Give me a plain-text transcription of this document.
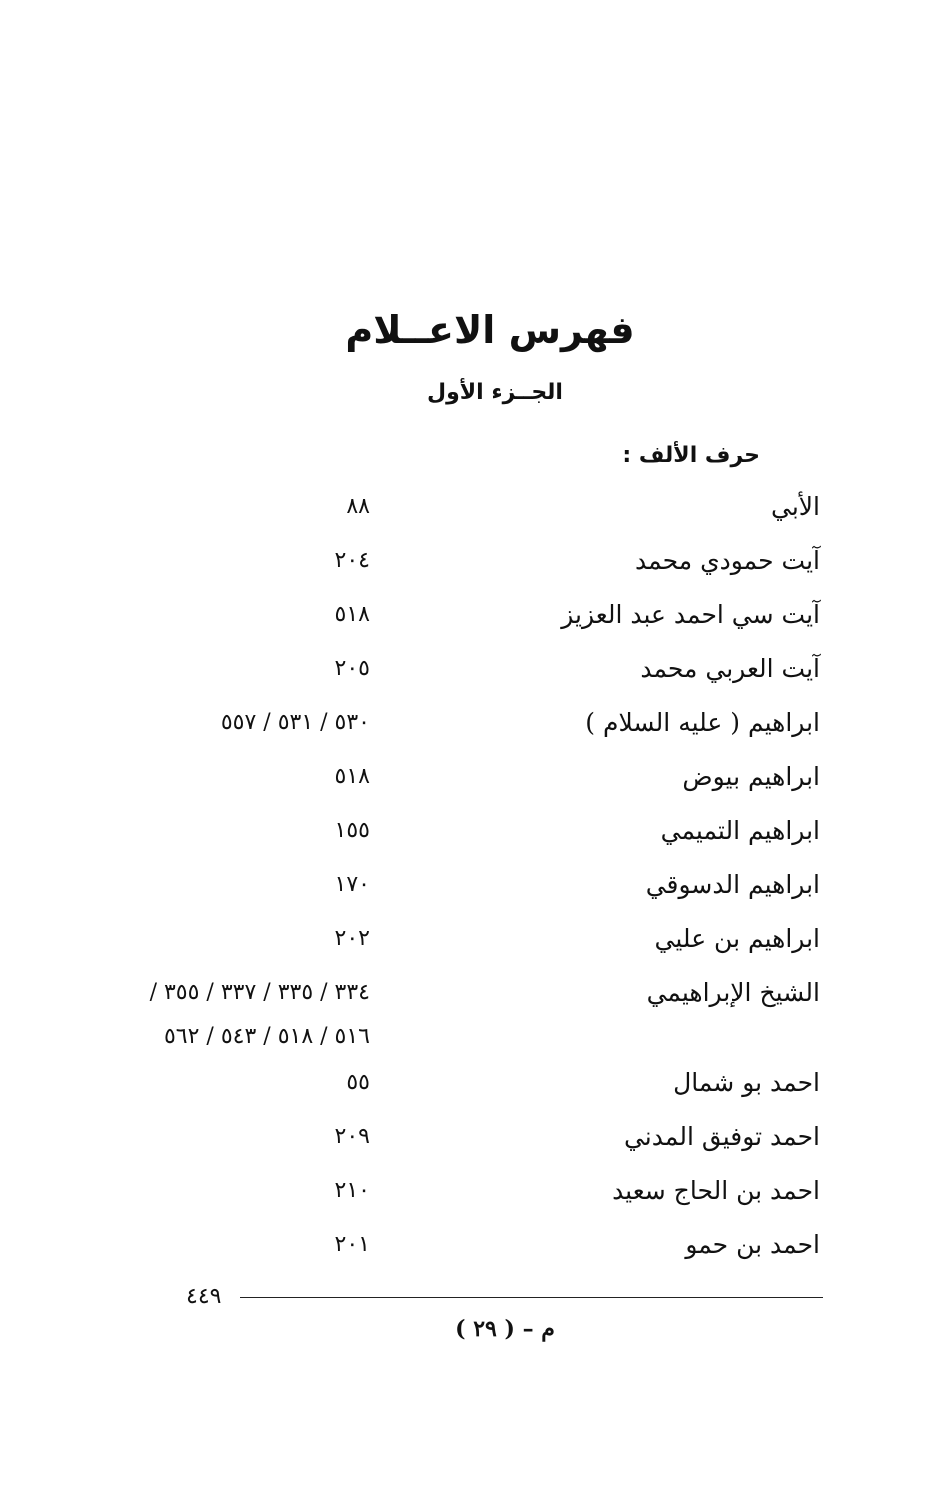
فهرس الاعــلام
الجــزء الأول
حرف الألف :
الأبي
٨٨
آيت حمودي محمد
٢٠٤
آيت سي احمد عبد العزيز
٥١٨
آيت العربي محمد
٢٠٥
ابراهيم ( عليه السلام )
٥٣٠ / ٥٣١ / ٥٥٧
ابراهيم بيوض
٥١٨
ابراهيم التميمي
١٥٥
ابراهيم الدسوقي
١٧٠
ابراهيم بن عليي
٢٠٢
الشيخ الإبراهيمي
٣٣٤ / ٣٣٥ / ٣٣٧ / ٣٥٥ /
٥١٦ / ٥١٨ / ٥٤٣ / ٥٦٢
احمد بو شمال
٥٥
احمد توفيق المدني
٢٠٩
احمد بن الحاج سعيد
٢١٠
احمد بن حمو
٢٠١
٤٤٩
م – ( ٢٩ )
